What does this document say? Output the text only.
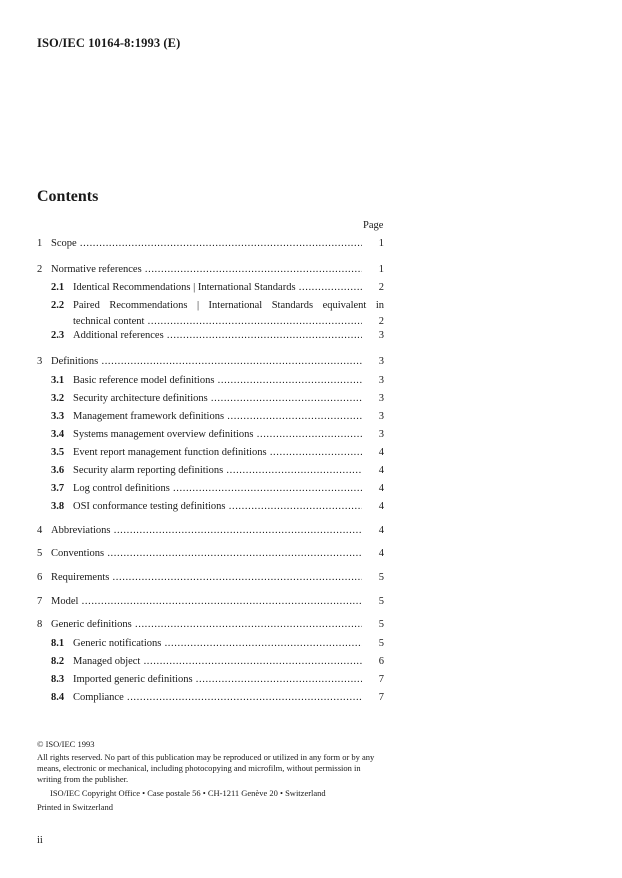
ISO/IEC 10164-8:1993 (E)
Contents
Page
1 Scope .....	1
2 Normative references .....	1
2.1 Identical Recommendations | International Standards .....	2
2.2 Paired Recommendations | International Standards equivalent in
technical content .....	2
2.3 Additional references .....	3
3 Definitions .....	3
3.1 Basic reference model definitions .....	3
3.2 Security architecture definitions .....	3
3.3 Management framework definitions .....	3
3.4 Systems management overview definitions .....	3
3.5 Event report management function definitions .....	4
3.6 Security alarm reporting definitions .....	4
3.7 Log control definitions .....	4
3.8 OSI conformance testing definitions .....	4
4 Abbreviations .....	4
5 Conventions .....	4
6 Requirements .....	5
7 Model .....	5
8 Generic definitions .....	5
8.1 Generic notifications .....	5
8.2 Managed object .....	6
8.3 Imported generic definitions .....	7
8.4 Compliance .....	7
© ISO/IEC 1993
All rights reserved. No part of this publication may be reproduced or utilized in any form or by any means, electronic or mechanical, including photocopying and microfilm, without permission in writing from the publisher.
ISO/IEC Copyright Office • Case postale 56 • CH-1211 Genève 20 • Switzerland
Printed in Switzerland
ii
